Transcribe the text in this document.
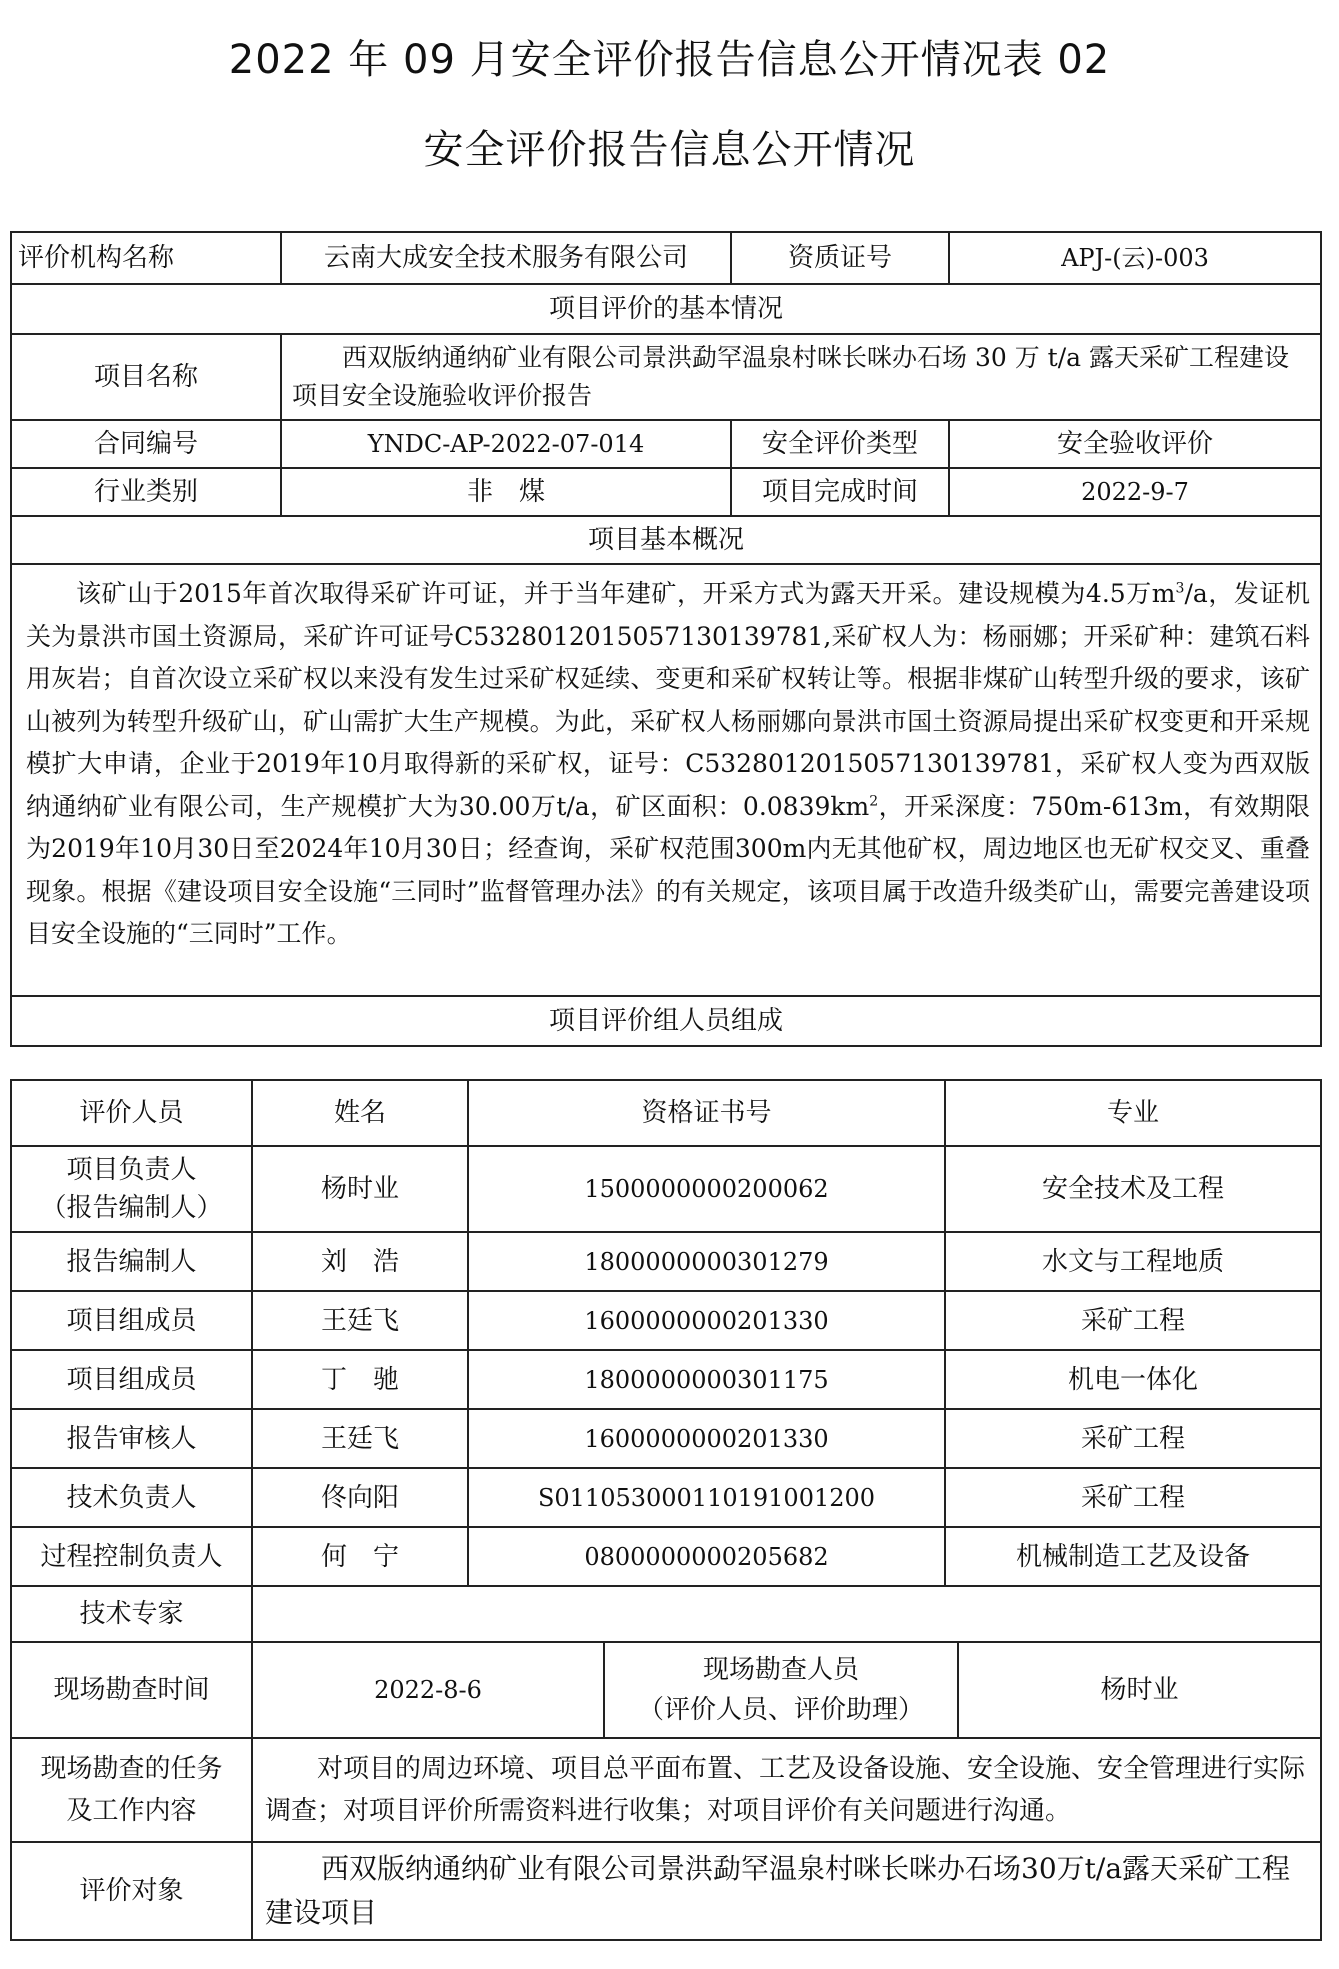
2022 年 09 月安全评价报告信息公开情况表 02
安全评价报告信息公开情况
评价机构名称	云南大成安全技术服务有限公司	资质证号	APJ-(云)-003
项目评价的基本情况			
项目名称	西双版纳通纳矿业有限公司景洪勐罕温泉村咪长咪办石场 30 万 t/a 露天采矿工程建设项目安全设施验收评价报告		
合同编号	YNDC-AP-2022-07-014	安全评价类型	安全验收评价
行业类别	非　煤	项目完成时间	2022-9-7
项目基本概况			
该矿山于2015年首次取得采矿许可证，并于当年建矿，开采方式为露天开采。建设规模为4.5万$m^3/a$，发证机关为景洪市国土资源局，采矿许可证号C5328012015057130139781,采矿权人为：杨丽娜；开采矿种：建筑石料用灰岩；自首次设立采矿权以来没有发生过采矿权延续、变更和采矿权转让等。根据非煤矿山转型升级的要求，该矿山被列为转型升级矿山，矿山需扩大生产规模。为此，采矿权人杨丽娜向景洪市国土资源局提出采矿权变更和开采规模扩大申请，企业于2019年10月取得新的采矿权，证号：C5328012015057130139781，采矿权人变为西双版纳通纳矿业有限公司，生产规模扩大为30.00万t/a，矿区面积：$0.0839km^2$，开采深度：750m-613m，有效期限为2019年10月30日至2024年10月30日；经查询，采矿权范围300m内无其他矿权，周边地区也无矿权交叉、重叠现象。根据《建设项目安全设施“三同时”监督管理办法》的有关规定，该项目属于改造升级类矿山，需要完善建设项目安全设施的“三同时”工作。			
项目评价组人员组成			
评价人员	姓名	资格证书号	专业
项目负责人
（报告编制人）	杨时业	1500000000200062	安全技术及工程
报告编制人	刘　浩	1800000000301279	水文与工程地质
项目组成员	王廷飞	1600000000201330	采矿工程
项目组成员	丁　驰	1800000000301175	机电一体化
报告审核人	王廷飞	1600000000201330	采矿工程
技术负责人	佟向阳	S011053000110191001200	采矿工程
过程控制负责人	何　宁	0800000000205682	机械制造工艺及设备
技术专家			
现场勘查时间	2022-8-6	现场勘查人员
（评价人员、评价助理）	杨时业
现场勘查的任务及工作内容	对项目的周边环境、项目总平面布置、工艺及设备设施、安全设施、安全管理进行实际调查；对项目评价所需资料进行收集；对项目评价有关问题进行沟通。
评价对象	西双版纳通纳矿业有限公司景洪勐罕温泉村咪长咪办石场30万t/a露天采矿工程建设项目
